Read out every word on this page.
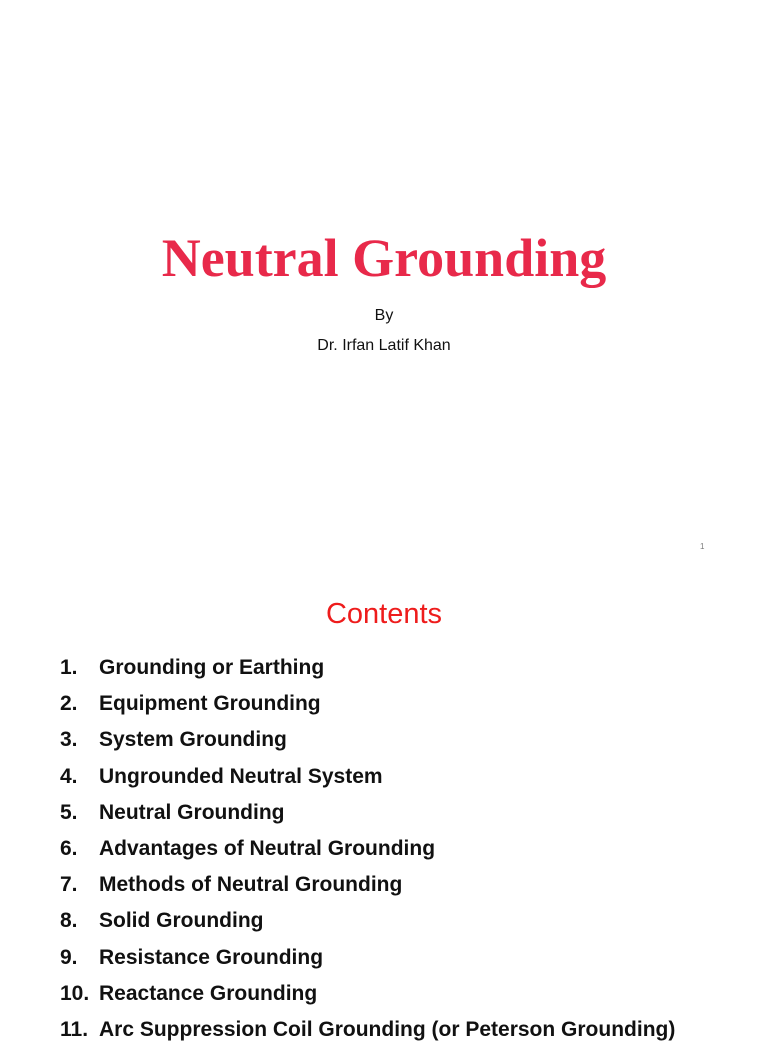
Neutral Grounding
By
Dr. Irfan Latif Khan
1
Contents
1.	Grounding or Earthing
2.	Equipment Grounding
3.	System Grounding
4.	Ungrounded Neutral System
5.	Neutral Grounding
6.	Advantages of Neutral Grounding
7.	Methods of Neutral Grounding
8.	Solid Grounding
9.	Resistance Grounding
10. Reactance Grounding
11. Arc Suppression Coil Grounding (or Peterson Grounding)
